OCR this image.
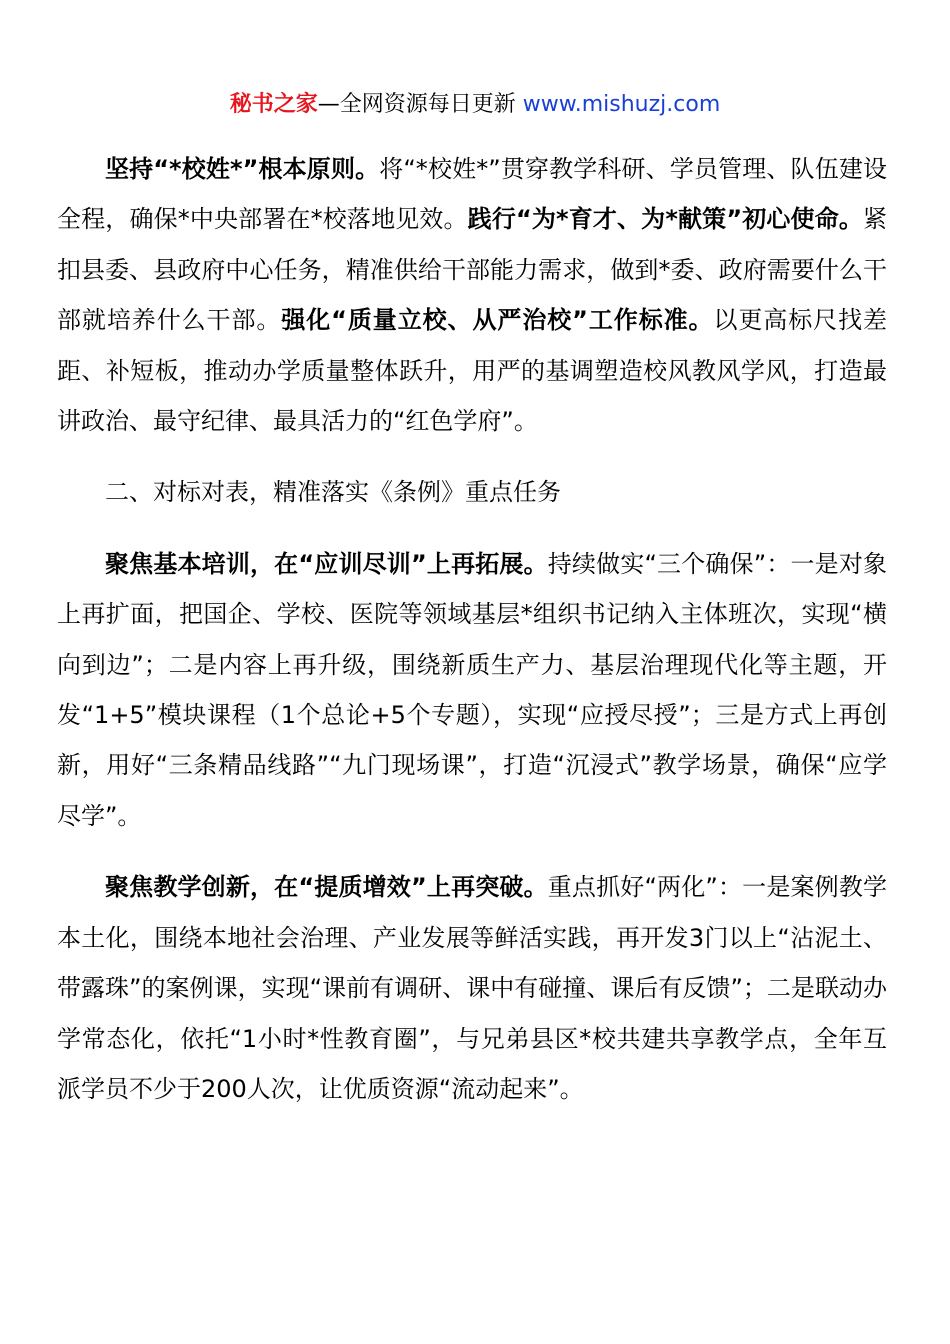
秘书之家—全网资源每日更新 www.mishuzj.com

坚持“*校姓*”根本原则。将“*校姓*”贯穿教学科研、学员管理、队伍建设全程，确保*中央部署在*校落地见效。践行“为*育才、为*献策”初心使命。紧扣县委、县政府中心任务，精准供给干部能力需求，做到*委、政府需要什么干部就培养什么干部。强化“质量立校、从严治校”工作标准。以更高标尺找差距、补短板，推动办学质量整体跃升，用严的基调塑造校风教风学风，打造最讲政治、最守纪律、最具活力的“红色学府”。

二、对标对表，精准落实《条例》重点任务

聚焦基本培训，在“应训尽训”上再拓展。持续做实“三个确保”：一是对象上再扩面，把国企、学校、医院等领域基层*组织书记纳入主体班次，实现“横向到边”；二是内容上再升级，围绕新质生产力、基层治理现代化等主题，开发“1+5”模块课程（1个总论+5个专题），实现“应授尽授”；三是方式上再创新，用好“三条精品线路”“九门现场课”，打造“沉浸式”教学场景，确保“应学尽学”。

聚焦教学创新，在“提质增效”上再突破。重点抓好“两化”：一是案例教学本土化，围绕本地社会治理、产业发展等鲜活实践，再开发3门以上“沾泥土、带露珠”的案例课，实现“课前有调研、课中有碰撞、课后有反馈”；二是联动办学常态化，依托“1小时*性教育圈”，与兄弟县区*校共建共享教学点，全年互派学员不少于200人次，让优质资源“流动起来”。
